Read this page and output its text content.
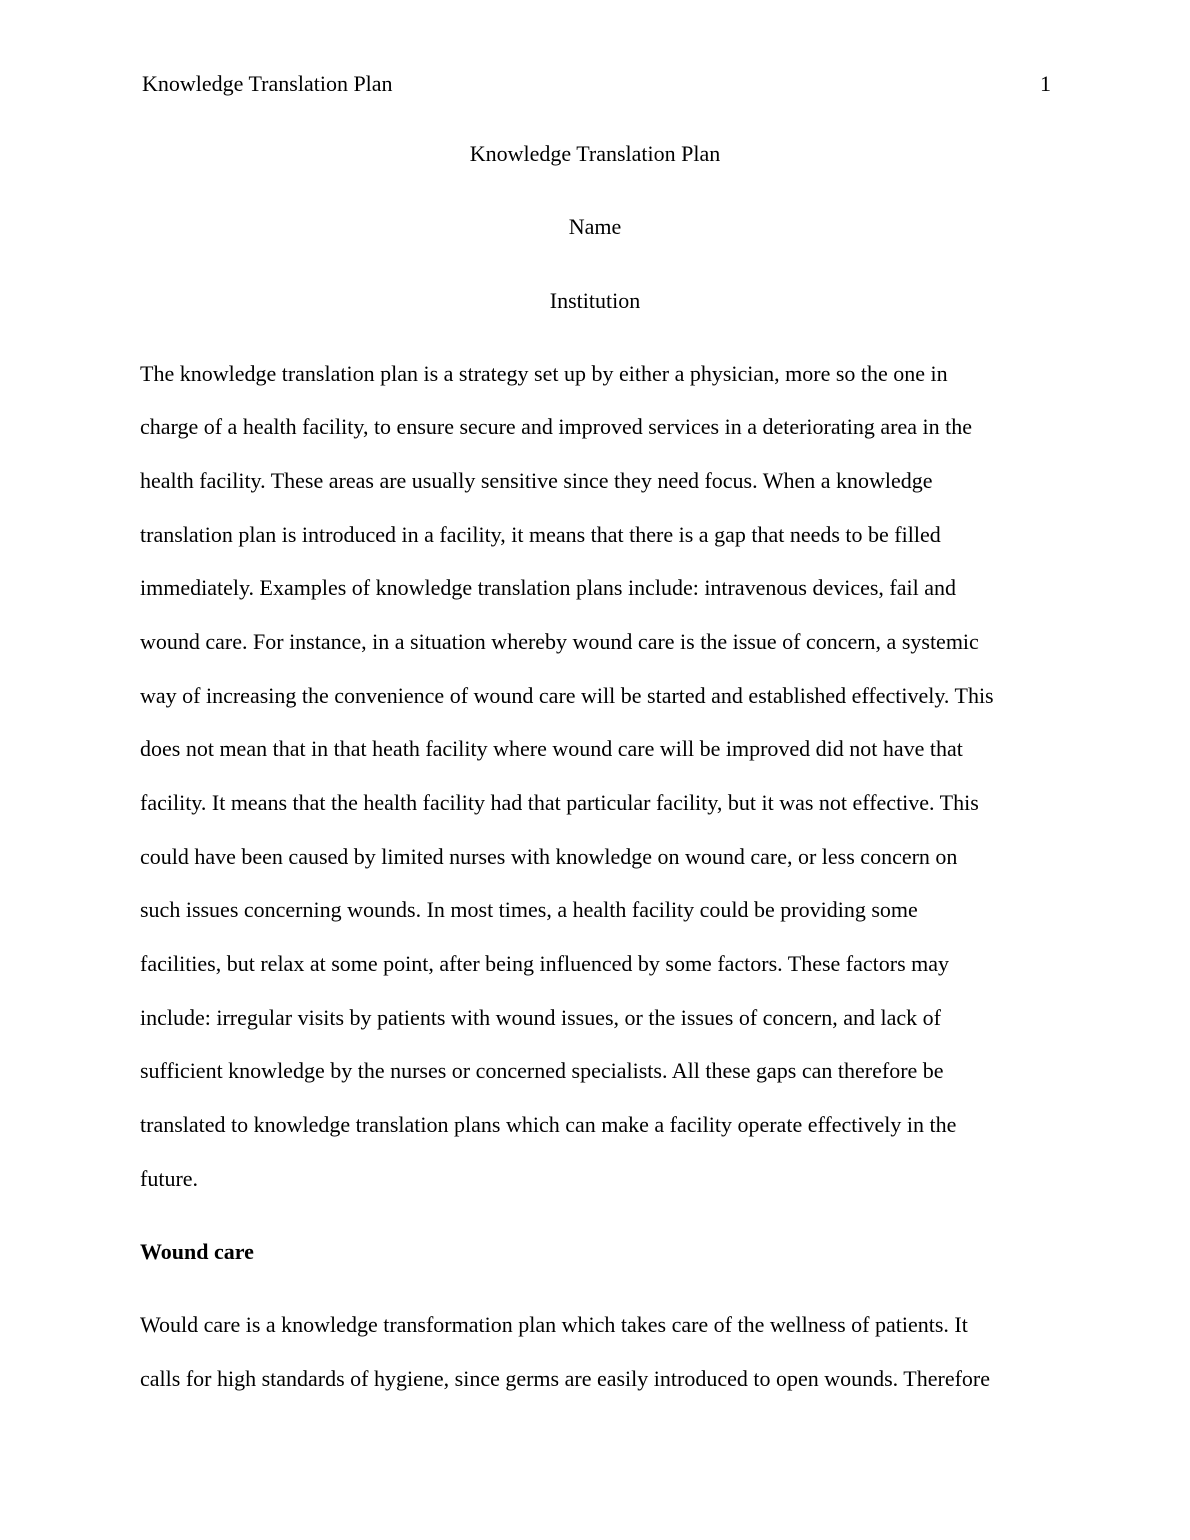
Knowledge Translation Plan	1
Knowledge Translation Plan
Name
Institution
The knowledge translation plan is a strategy set up by either a physician, more so the one in
charge of a health facility, to ensure secure and improved services in a deteriorating area in the
health facility. These areas are usually sensitive since they need focus. When a knowledge
translation plan is introduced in a facility, it means that there is a gap that needs to be filled
immediately. Examples of knowledge translation plans include: intravenous devices, fail and
wound care. For instance, in a situation whereby wound care is the issue of concern, a systemic
way of increasing the convenience of wound care will be started and established effectively. This
does not mean that in that heath facility where wound care will be improved did not have that
facility. It means that the health facility had that particular facility, but it was not effective. This
could have been caused by limited nurses with knowledge on wound care, or less concern on
such issues concerning wounds. In most times, a health facility could be providing some
facilities, but relax at some point, after being influenced by some factors. These factors may
include: irregular visits by patients with wound issues, or the issues of concern, and lack of
sufficient knowledge by the nurses or concerned specialists. All these gaps can therefore be
translated to knowledge translation plans which can make a facility operate effectively in the
future.
Wound care
Would care is a knowledge transformation plan which takes care of the wellness of patients. It
calls for high standards of hygiene, since germs are easily introduced to open wounds. Therefore
